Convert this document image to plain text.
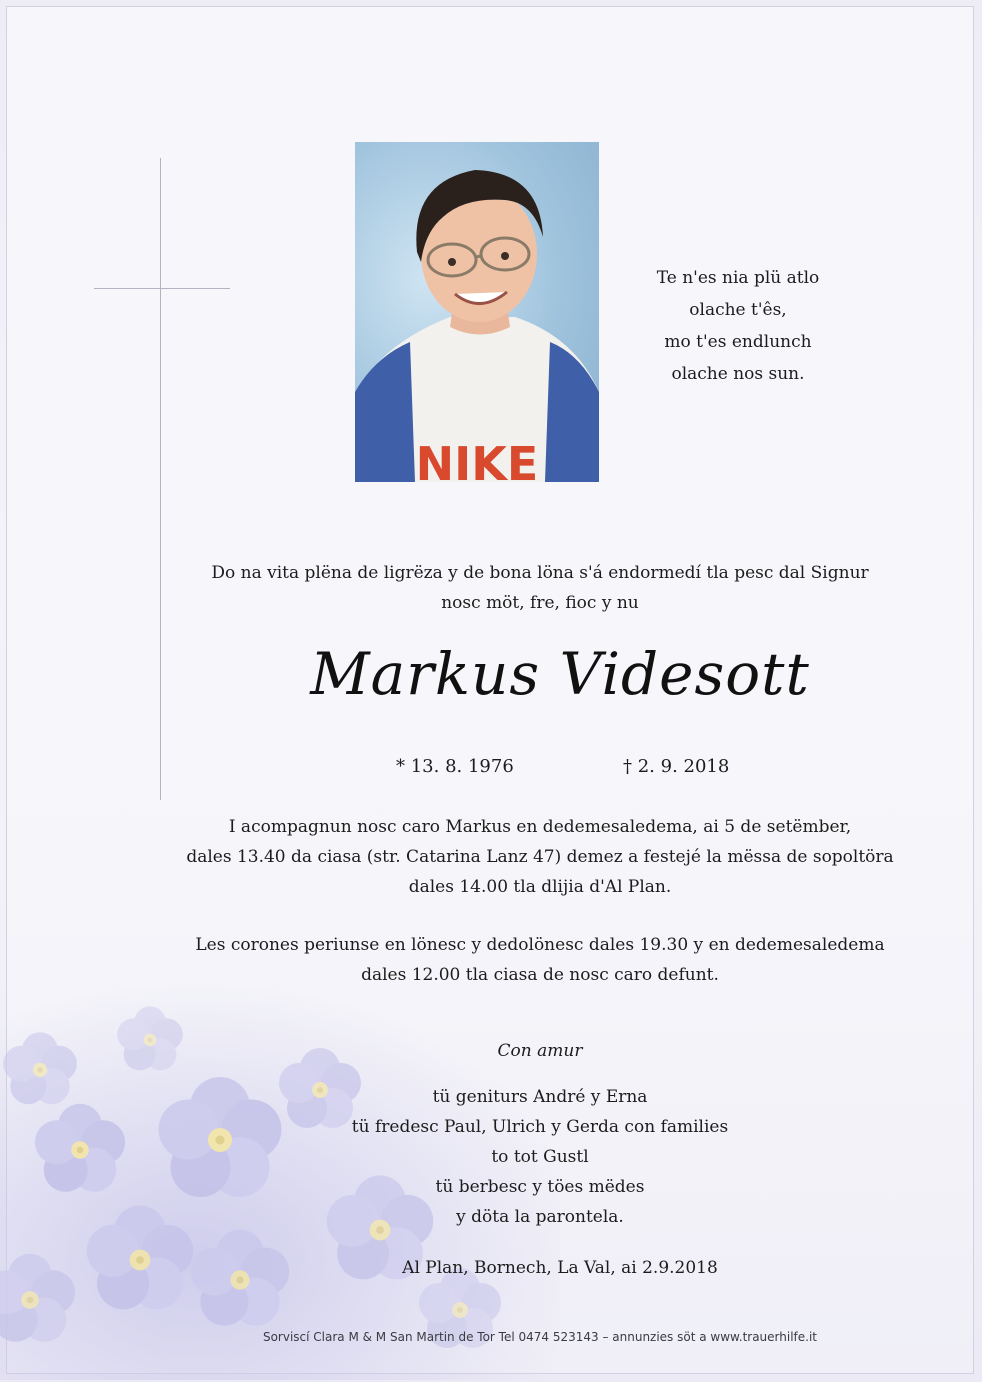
NIKE
Te n'es nia plü atlo
olache t'ês,
mo t'es endlunch
olache nos sun.
Do na vita plëna de ligrëza y de bona löna s'á endormedí tla pesc dal Signur
nosc möt, fre, fioc y nu
Markus Videsott
* 13. 8. 1976	† 2. 9. 2018
I acompagnun nosc caro Markus en dedemesaledema, ai 5 de setëmber,
dales 13.40 da ciasa (str. Catarina Lanz 47) demez a festejé la mëssa de sopoltöra
dales 14.00 tla dlijia d'Al Plan.
Les corones periunse en lönesc y dedolönesc dales 19.30 y en dedemesaledema
dales 12.00 tla ciasa de nosc caro defunt.
Con amur
tü geniturs André y Erna
tü fredesc Paul, Ulrich y Gerda con families
to tot Gustl
tü berbesc y töes mëdes
y döta la parontela.
Al Plan, Bornech, La Val, ai 2.9.2018
Sorviscí Clara M & M San Martin de Tor Tel 0474 523143 – annunzies söt a www.trauerhilfe.it
